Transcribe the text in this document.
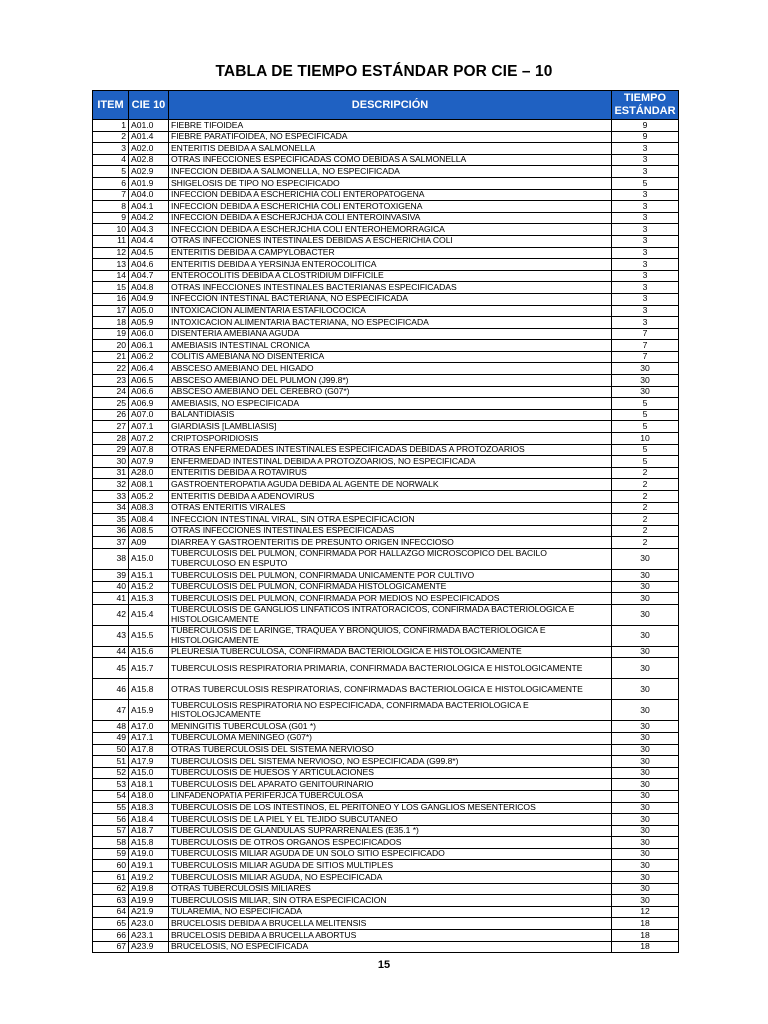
TABLA DE TIEMPO ESTÁNDAR POR CIE – 10
ITEM	CIE 10	DESCRIPCIÓN	TIEMPO ESTÁNDAR
1	A01.0	FIEBRE TIFOIDEA	9
2	A01.4	FIEBRE PARATIFOIDEA, NO ESPECIFICADA	9
3	A02.0	ENTERITIS DEBIDA A SALMONELLA	3
4	A02.8	OTRAS INFECCIONES ESPECIFICADAS COMO DEBIDAS A SALMONELLA	3
5	A02.9	INFECCION DEBIDA A SALMONELLA, NO ESPECIFICADA	3
6	A01.9	SHIGELOSIS DE TIPO NO ESPECIFICADO	5
7	A04.0	INFECCION DEBIDA A ESCHERICHIA COLI ENTEROPATOGENA	3
8	A04.1	INFECCION DEBIDA A ESCHERICHIA COLI ENTEROTOXIGENA	3
9	A04.2	INFECCION DEBIDA A ESCHERJCHJA COLI ENTEROINVASIVA	3
10	A04.3	INFECCION DEBIDA A ESCHERJCHIA COLI ENTEROHEMORRAGICA	3
11	A04.4	OTRAS INFECCIONES INTESTINALES DEBIDAS A ESCHERICHIA COLI	3
12	A04.5	ENTERITIS DEBIDA A CAMPYLOBACTER	3
13	A04.6	ENTERITIS DEBIDA A YERSINJA ENTEROCOLITICA	3
14	A04.7	ENTEROCOLITIS DEBIDA A CLOSTRIDIUM DIFFICILE	3
15	A04.8	OTRAS INFECCIONES INTESTINALES BACTERIANAS ESPECIFICADAS	3
16	A04.9	INFECCION INTESTINAL BACTERIANA, NO ESPECIFICADA	3
17	A05.0	INTOXICACION ALIMENTARIA ESTAFILOCOCICA	3
18	A05.9	INTOXICACION ALIMENTARIA BACTERIANA, NO ESPECIFICADA	3
19	A06.0	DISENTERIA AMEBIANA AGUDA	7
20	A06.1	AMEBIASIS INTESTINAL CRONICA	7
21	A06.2	COLITIS AMEBIANA NO DISENTERICA	7
22	A06.4	ABSCESO AMEBIANO DEL HIGADO	30
23	A06.5	ABSCESO AMEBIANO DEL PULMON (J99.8*)	30
24	A06.6	ABSCESO AMEBIANO DEL CEREBRO (G07*)	30
25	A06.9	AMEBIASIS, NO ESPECIFICADA	5
26	A07.0	BALANTIDIASIS	5
27	A07.1	GIARDIASIS [LAMBLIASIS]	5
28	A07.2	CRIPTOSPORIDIOSIS	10
29	A07.8	OTRAS ENFERMEDADES INTESTINALES ESPECIFICADAS DEBIDAS A PROTOZOARIOS	5
30	A07.9	ENFERMEDAD INTESTINAL DEBIDA A PROTOZOARIOS, NO ESPECIFICADA	5
31	A28.0	ENTERITIS DEBIDA A ROTAVIRUS	2
32	A08.1	GASTROENTEROPATIA AGUDA DEBIDA AL AGENTE DE NORWALK	2
33	A05.2	ENTERITIS DEBIDA A ADENOVIRUS	2
34	A08.3	OTRAS ENTERITIS VIRALES	2
35	A08.4	INFECCION INTESTINAL VIRAL, SIN OTRA ESPECIFICACION	2
36	A08.5	OTRAS INFECCIONES INTESTINALES ESPECIFICADAS	2
37	A09	DIARREA Y GASTROENTERITIS DE PRESUNTO ORIGEN INFECCIOSO	2
38	A15.0	TUBERCULOSIS DEL PULMON, CONFIRMADA POR HALLAZGO MICROSCOPICO DEL BACILO TUBERCULOSO EN ESPUTO	30
39	A15.1	TUBERCULOSIS DEL PULMON, CONFIRMADA UNICAMENTE POR CULTIVO	30
40	A15.2	TUBERCULOSIS DEL PULMON, CONFIRMADA HISTOLOGICAMENTE	30
41	A15.3	TUBERCULOSIS DEL PULMON, CONFIRMADA POR MEDIOS NO ESPECIFICADOS	30
42	A15.4	TUBERCULOSIS DE GANGLIOS LINFATICOS INTRATORACICOS, CONFIRMADA BACTERIOLOGICA E HISTOLOGICAMENTE	30
43	A15.5	TUBERCULOSIS DE LARINGE, TRAQUEA Y BRONQUIOS, CONFIRMADA BACTERIOLOGICA E HISTOLOGICAMENTE	30
44	A15.6	PLEURESIA TUBERCULOSA, CONFIRMADA BACTERIOLOGICA E HISTOLOGICAMENTE	30
45	A15.7	TUBERCULOSIS RESPIRATORIA PRIMARIA, CONFIRMADA BACTERIOLOGICA E HISTOLOGICAMENTE	30
46	A15.8	OTRAS TUBERCULOSIS RESPIRATORIAS, CONFIRMADAS BACTERIOLOGICA E HISTOLOGICAMENTE	30
47	A15.9	TUBERCULOSIS RESPIRATORIA NO ESPECIFICADA, CONFIRMADA BACTERIOLOGICA E HISTOLOGJCAMENTE	30
48	A17.0	MENINGITIS TUBERCULOSA (G01 *)	30
49	A17.1	TUBERCULOMA MENINGEO (G07*)	30
50	A17.8	OTRAS TUBERCULOSIS DEL SISTEMA NERVIOSO	30
51	A17.9	TUBERCULOSIS DEL SISTEMA NERVIOSO, NO ESPECIFICADA (G99.8*)	30
52	A15.0	TUBERCULOSIS DE HUESOS Y ARTICULACIONES	30
53	A18.1	TUBERCULOSIS DEL APARATO GENITOURINARIO	30
54	A18.0	LINFADENOPATIA PERIFERJCA TUBERCULOSA	30
55	A18.3	TUBERCULOSIS DE LOS INTESTINOS, EL PERITONEO Y LOS GANGLIOS MESENTERICOS	30
56	A18.4	TUBERCULOSIS DE LA PIEL Y EL TEJIDO SUBCUTANEO	30
57	A18.7	TUBERCULOSIS DE GLANDULAS SUPRARRENALES (E35.1 *)	30
58	A15.8	TUBERCULOSIS DE OTROS ORGANOS ESPECIFICADOS	30
59	A19.0	TUBERCULOSIS MILIAR AGUDA DE UN SOLO SITIO ESPECIFICADO	30
60	A19.1	TUBERCULOSIS MILIAR AGUDA DE SITIOS MULTIPLES	30
61	A19.2	TUBERCULOSIS MILIAR AGUDA, NO ESPECIFICADA	30
62	A19.8	OTRAS TUBERCULOSIS MILIARES	30
63	A19.9	TUBERCULOSIS MILIAR, SIN OTRA ESPECIFICACION	30
64	A21.9	TULAREMIA, NO ESPECIFICADA	12
65	A23.0	BRUCELOSIS DEBIDA A BRUCELLA MELITENSIS	18
66	A23.1	BRUCELOSIS DEBIDA A BRUCELLA ABORTUS	18
67	A23.9	BRUCELOSIS, NO ESPECIFICADA	18
15
